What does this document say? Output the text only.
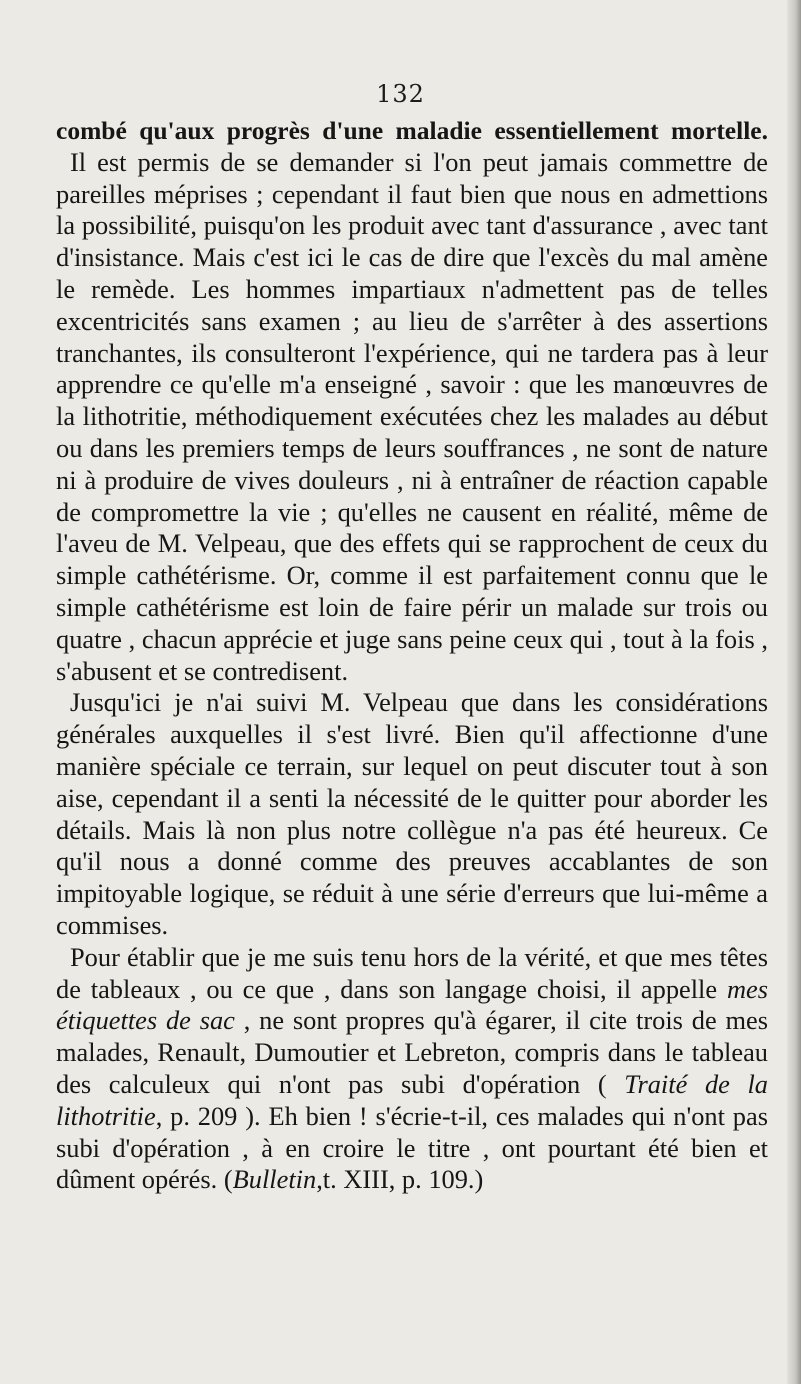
132

combé qu'aux progrès d'une maladie essentiellement mortelle.

Il est permis de se demander si l'on peut jamais commettre de pareilles méprises ; cependant il faut bien que nous en admettions la possibilité, puisqu'on les produit avec tant d'assurance , avec tant d'insistance. Mais c'est ici le cas de dire que l'excès du mal amène le remède. Les hommes impartiaux n'admettent pas de telles excentricités sans examen ; au lieu de s'arrêter à des assertions tranchantes, ils consulteront l'expérience, qui ne tardera pas à leur apprendre ce qu'elle m'a enseigné , savoir : que les manœuvres de la lithotritie, méthodiquement exécutées chez les malades au début ou dans les premiers temps de leurs souffrances , ne sont de nature ni à produire de vives douleurs , ni à entraîner de réaction capable de compromettre la vie ; qu'elles ne causent en réalité, même de l'aveu de M. Velpeau, que des effets qui se rapprochent de ceux du simple cathétérisme. Or, comme il est parfaitement connu que le simple cathétérisme est loin de faire périr un malade sur trois ou quatre , chacun apprécie et juge sans peine ceux qui , tout à la fois , s'abusent et se contredisent.

Jusqu'ici je n'ai suivi M. Velpeau que dans les considérations générales auxquelles il s'est livré. Bien qu'il affectionne d'une manière spéciale ce terrain, sur lequel on peut discuter tout à son aise, cependant il a senti la nécessité de le quitter pour aborder les détails. Mais là non plus notre collègue n'a pas été heureux. Ce qu'il nous a donné comme des preuves accablantes de son impitoyable logique, se réduit à une série d'erreurs que lui-même a commises.

Pour établir que je me suis tenu hors de la vérité, et que mes têtes de tableaux , ou ce que , dans son langage choisi, il appelle mes étiquettes de sac , ne sont propres qu'à égarer, il cite trois de mes malades, Renault, Dumoutier et Lebreton, compris dans le tableau des calculeux qui n'ont pas subi d'opération ( Traité de la lithotritie, p. 209 ). Eh bien ! s'écrie-t-il, ces malades qui n'ont pas subi d'opération , à en croire le titre , ont pourtant été bien et dûment opérés. (Bulletin,t. XIII, p. 109.)
